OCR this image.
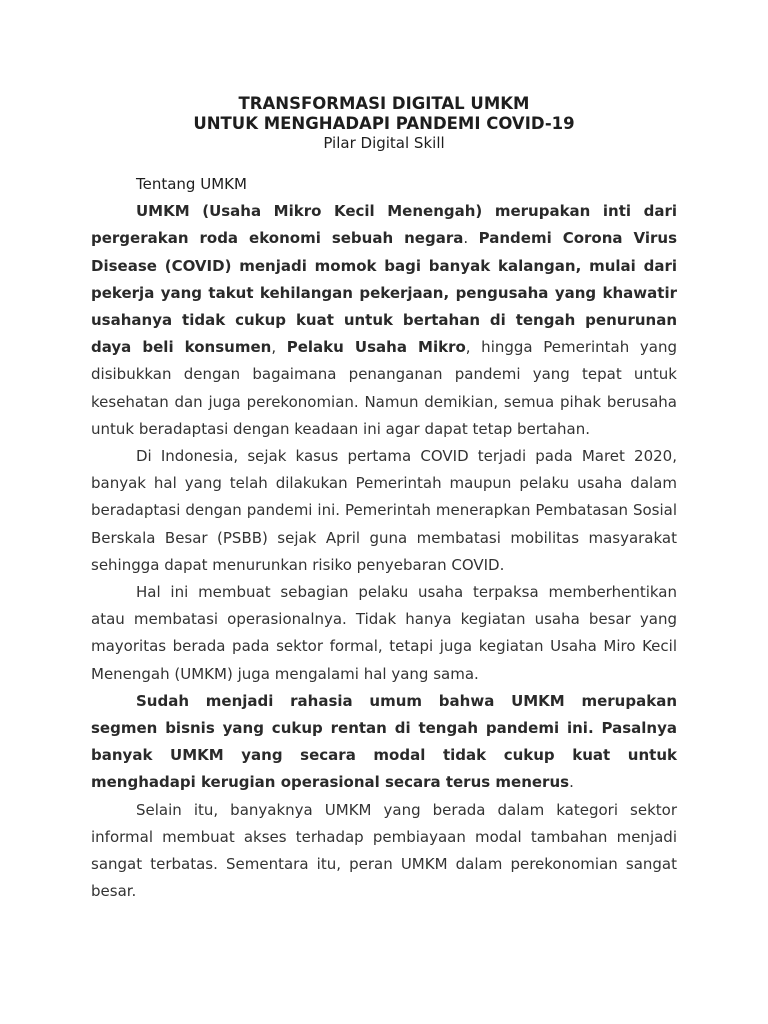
TRANSFORMASI DIGITAL UMKM
UNTUK MENGHADAPI PANDEMI COVID-19
Pilar Digital Skill
Tentang UMKM

UMKM (Usaha Mikro Kecil Menengah) merupakan inti dari pergerakan roda ekonomi sebuah negara. Pandemi Corona Virus Disease (COVID) menjadi momok bagi banyak kalangan, mulai dari pekerja yang takut kehilangan pekerjaan, pengusaha yang khawatir usahanya tidak cukup kuat untuk bertahan di tengah penurunan daya beli konsumen, Pelaku Usaha Mikro, hingga Pemerintah yang disibukkan dengan bagaimana penanganan pandemi yang tepat untuk kesehatan dan juga perekonomian. Namun demikian, semua pihak berusaha untuk beradaptasi dengan keadaan ini agar dapat tetap bertahan.

Di Indonesia, sejak kasus pertama COVID terjadi pada Maret 2020, banyak hal yang telah dilakukan Pemerintah maupun pelaku usaha dalam beradaptasi dengan pandemi ini. Pemerintah menerapkan Pembatasan Sosial Berskala Besar (PSBB) sejak April guna membatasi mobilitas masyarakat sehingga dapat menurunkan risiko penyebaran COVID.

Hal ini membuat sebagian pelaku usaha terpaksa memberhentikan atau membatasi operasionalnya. Tidak hanya kegiatan usaha besar yang mayoritas berada pada sektor formal, tetapi juga kegiatan Usaha Miro Kecil Menengah (UMKM) juga mengalami hal yang sama.

Sudah menjadi rahasia umum bahwa UMKM merupakan segmen bisnis yang cukup rentan di tengah pandemi ini. Pasalnya banyak UMKM yang secara modal tidak cukup kuat untuk menghadapi kerugian operasional secara terus menerus.

Selain itu, banyaknya UMKM yang berada dalam kategori sektor informal membuat akses terhadap pembiayaan modal tambahan menjadi sangat terbatas. Sementara itu, peran UMKM dalam perekonomian sangat besar.
